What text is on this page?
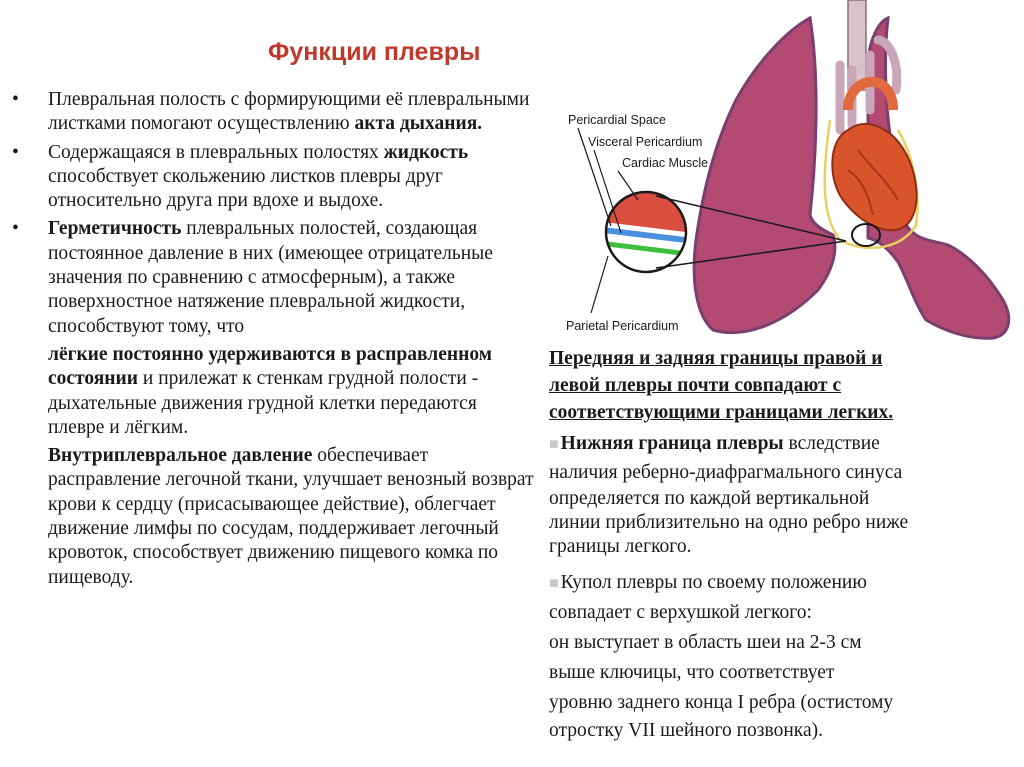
Функции плевры
•	Плевральная полость с формирующими её плевральными листками помогают осуществлению акта дыхания.
•	Содержащаяся в плевральных полостях жидкость способствует скольжению листков плевры друг относительно друга при вдохе и выдохе.
•	Герметичность плевральных полостей, создающая постоянное давление в них (имеющее отрицательные значения по сравнению с атмосферным), а также поверхностное натяжение плевральной жидкости, способствуют тому, что
лёгкие постоянно удерживаются в расправленном состоянии и прилежат к стенкам грудной полости - дыхательные движения грудной клетки передаются плевре и лёгким.
Внутриплевральное давление обеспечивает расправление легочной ткани, улучшает венозный возврат крови к сердцу (присасывающее действие), облегчает движение лимфы по сосудам, поддерживает легочный кровоток, способствует движению пищевого комка по пищеводу.
Pericardial Space
Visceral Pericardium
Cardiac Muscle
Parietal Pericardium

Передняя и задняя границы правой и

левой плевры почти совпадают с

соответствующими границами легких.

■ Нижняя граница плевры вследствие

наличия реберно-диафрагмального синуса

определяется по каждой вертикальной

линии приблизительно на одно ребро ниже

границы легкого.

■ Купол плевры по своему положению

совпадает с верхушкой легкого:

он выступает в область шеи на 2-3 см

выше ключицы, что соответствует

уровню заднего конца I ребра (остистому

отростку VII шейного позвонка).
